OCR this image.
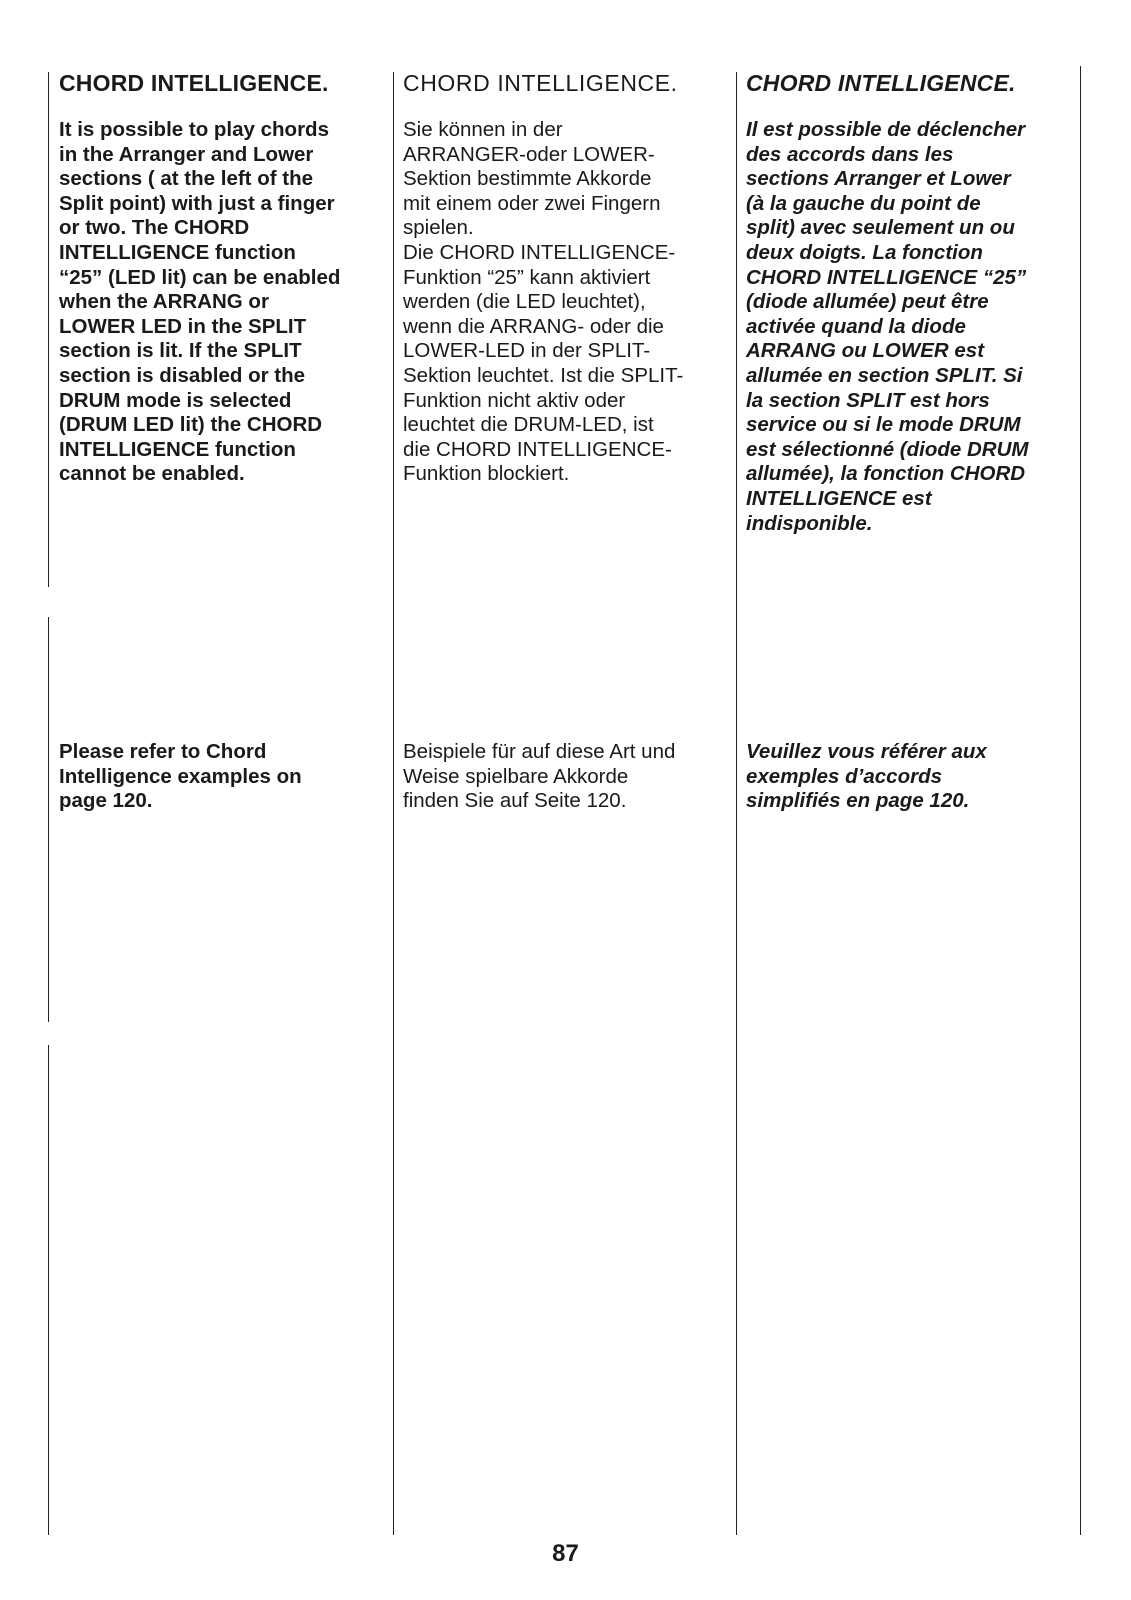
CHORD INTELLIGENCE.

It is possible to play chords
in the Arranger and Lower
sections ( at the left of the
Split point) with just a finger
or two. The CHORD
INTELLIGENCE function
“25” (LED lit) can be enabled
when the ARRANG or
LOWER LED in the SPLIT
section is lit. If the SPLIT
section is disabled or the
DRUM mode is selected
(DRUM LED lit) the CHORD
INTELLIGENCE function
cannot be enabled.

CHORD INTELLIGENCE.

Sie können in der
ARRANGER-oder LOWER-
Sektion bestimmte Akkorde
mit einem oder zwei Fingern
spielen.
Die CHORD INTELLIGENCE-
Funktion “25” kann aktiviert
werden (die LED leuchtet),
wenn die ARRANG- oder die
LOWER-LED in der SPLIT-
Sektion leuchtet. Ist die SPLIT-
Funktion nicht aktiv oder
leuchtet die DRUM-LED, ist
die CHORD INTELLIGENCE-
Funktion blockiert.

CHORD INTELLIGENCE.

Il est possible de déclencher
des accords dans les
sections Arranger et Lower
(à la gauche du point de
split) avec seulement un ou
deux doigts. La fonction
CHORD INTELLIGENCE “25”
(diode allumée) peut être
activée quand la diode
ARRANG ou LOWER est
allumée en section SPLIT. Si
la section SPLIT est hors
service ou si le mode DRUM
est sélectionné (diode DRUM
allumée), la fonction CHORD
INTELLIGENCE est
indisponible.

Please refer to Chord
Intelligence examples on
page 120.

Beispiele für auf diese Art und
Weise spielbare Akkorde
finden Sie auf Seite 120.

Veuillez vous référer aux
exemples d’accords
simplifiés en page 120.

87
